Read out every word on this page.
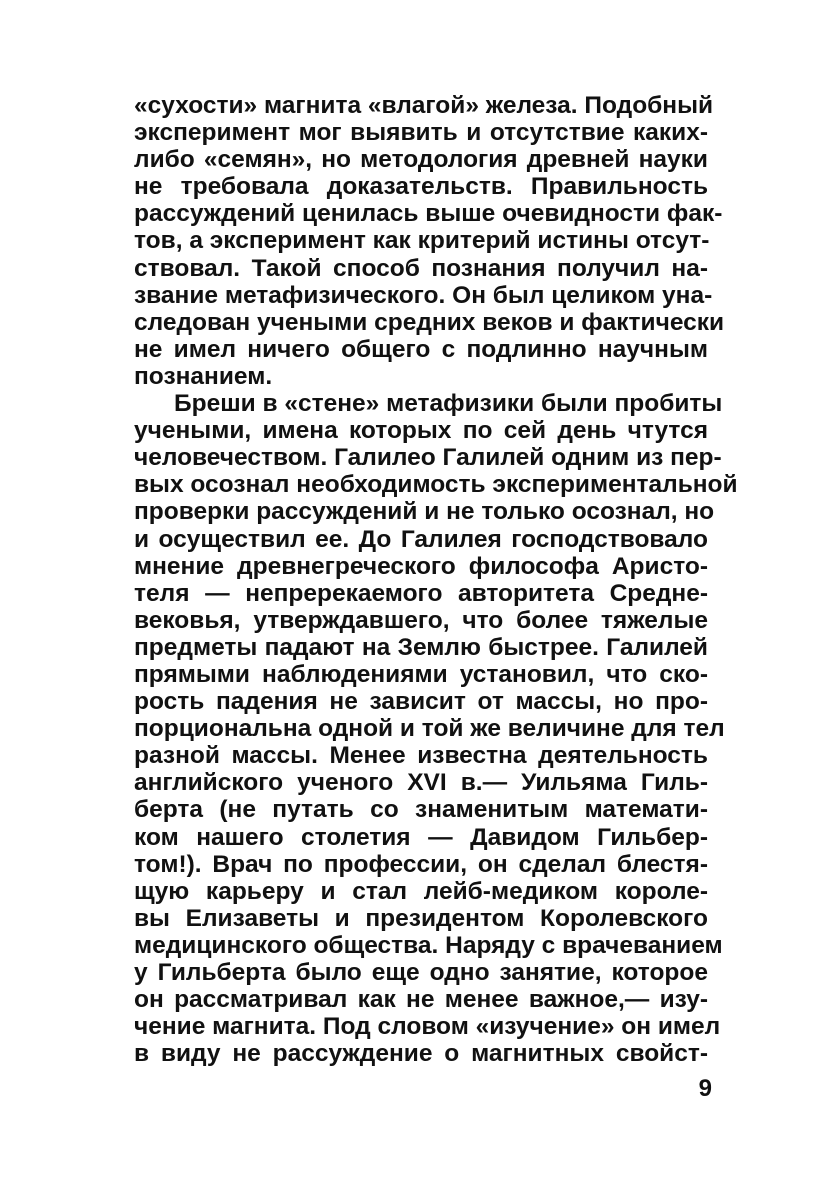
«сухости» магнита «влагой» железа. Подобный
эксперимент мог выявить и отсутствие каких-
либо «семян», но методология древней науки
не требовала доказательств. Правильность
рассуждений ценилась выше очевидности фак-
тов, а эксперимент как критерий истины отсут-
ствовал. Такой способ познания получил на-
звание метафизического. Он был целиком уна-
следован учеными средних веков и фактически
не имел ничего общего с подлинно научным
познанием.
Бреши в «стене» метафизики были пробиты
учеными, имена которых по сей день чтутся
человечеством. Галилео Галилей одним из пер-
вых осознал необходимость экспериментальной
проверки рассуждений и не только осознал, но
и осуществил ее. До Галилея господствовало
мнение древнегреческого философа Аристо-
теля — непререкаемого авторитета Средне-
вековья, утверждавшего, что более тяжелые
предметы падают на Землю быстрее. Галилей
прямыми наблюдениями установил, что ско-
рость падения не зависит от массы, но про-
порциональна одной и той же величине для тел
разной массы. Менее известна деятельность
английского ученого XVI в.— Уильяма Гиль-
берта (не путать со знаменитым математи-
ком нашего столетия — Давидом Гильбер-
том!). Врач по профессии, он сделал блестя-
щую карьеру и стал лейб-медиком короле-
вы Елизаветы и президентом Королевского
медицинского общества. Наряду с врачеванием
у Гильберта было еще одно занятие, которое
он рассматривал как не менее важное,— изу-
чение магнита. Под словом «изучение» он имел
в виду не рассуждение о магнитных свойст-
9
